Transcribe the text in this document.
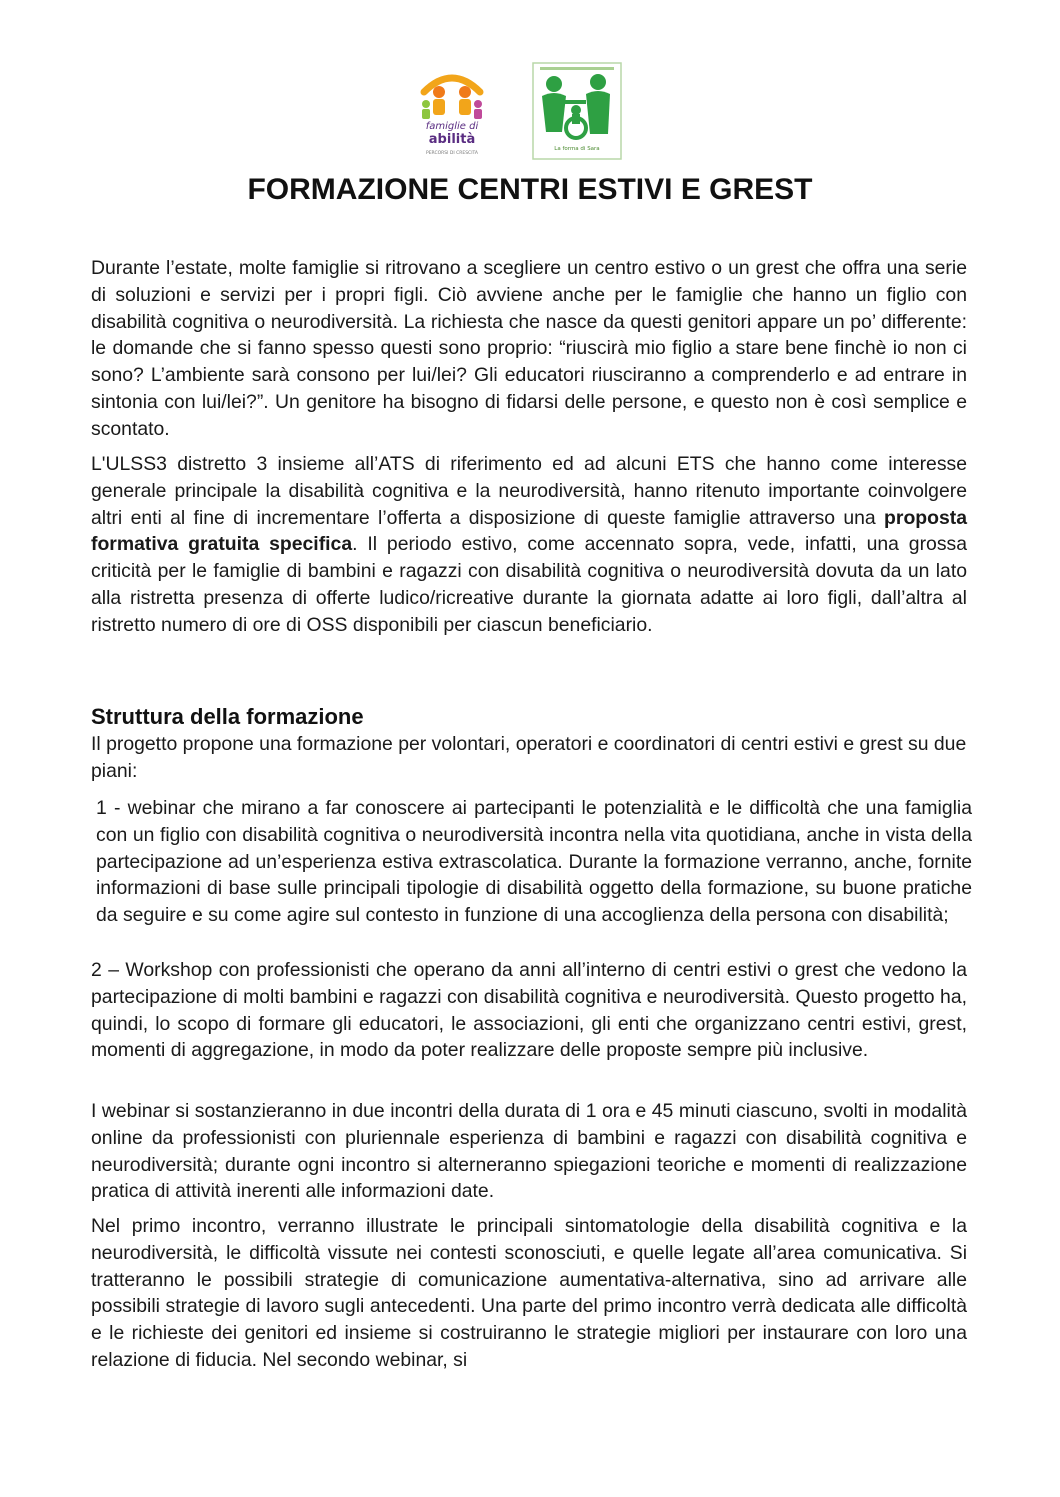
famiglie di
abilità
PERCORSI DI CRESCITA
La forma di Sara
FORMAZIONE CENTRI ESTIVI E GREST

Durante l’estate, molte famiglie si ritrovano a scegliere un centro estivo o un grest che offra una serie di soluzioni e servizi per i propri figli. Ciò avviene anche per le famiglie che hanno un figlio con disabilità cognitiva o neurodiversità. La richiesta che nasce da questi genitori appare un po’ differente: le domande che si fanno spesso questi sono proprio: “riuscirà mio figlio a stare bene finchè io non ci sono? L’ambiente sarà consono per lui/lei? Gli educatori riusciranno a comprenderlo e ad entrare in sintonia con lui/lei?”. Un genitore ha bisogno di fidarsi delle persone, e questo non è così semplice e scontato.

L'ULSS3 distretto 3 insieme all’ATS di riferimento ed ad alcuni ETS che hanno come interesse generale principale la disabilità cognitiva e la neurodiversità, hanno ritenuto importante coinvolgere altri enti al fine di incrementare l’offerta a disposizione di queste famiglie attraverso una proposta formativa gratuita specifica. Il periodo estivo, come accennato sopra, vede, infatti, una grossa criticità per le famiglie di bambini e ragazzi con disabilità cognitiva o neurodiversità dovuta da un lato alla ristretta presenza di offerte ludico/ricreative durante la giornata adatte ai loro figli, dall’altra al ristretto numero di ore di OSS disponibili per ciascun beneficiario.

Struttura della formazione

Il progetto propone una formazione per volontari, operatori e coordinatori di centri estivi e grest su due piani:

1 - webinar che mirano a far conoscere ai partecipanti le potenzialità e le difficoltà che una famiglia con un figlio con disabilità cognitiva o neurodiversità incontra nella vita quotidiana, anche in vista della partecipazione ad un’esperienza estiva extrascolatica. Durante la formazione verranno, anche, fornite informazioni di base sulle principali tipologie di disabilità oggetto della formazione, su buone pratiche da seguire e su come agire sul contesto in funzione di una accoglienza della persona con disabilità;

2 – Workshop con professionisti che operano da anni all’interno di centri estivi o grest che vedono la partecipazione di molti bambini e ragazzi con disabilità cognitiva e neurodiversità. Questo progetto ha, quindi, lo scopo di formare gli educatori, le associazioni, gli enti che organizzano centri estivi, grest, momenti di aggregazione, in modo da poter realizzare delle proposte sempre più inclusive.

I webinar si sostanzieranno in due incontri della durata di 1 ora e 45 minuti ciascuno, svolti in modalità online da professionisti con pluriennale esperienza di bambini e ragazzi con disabilità cognitiva e neurodiversità; durante ogni incontro si alterneranno spiegazioni teoriche e momenti di realizzazione pratica di attività inerenti alle informazioni date.

Nel primo incontro, verranno illustrate le principali sintomatologie della disabilità cognitiva e la neurodiversità, le difficoltà vissute nei contesti sconosciuti, e quelle legate all’area comunicativa. Si tratteranno le possibili strategie di comunicazione aumentativa-alternativa, sino ad arrivare alle possibili strategie di lavoro sugli antecedenti. Una parte del primo incontro verrà dedicata alle difficoltà e le richieste dei genitori ed insieme si costruiranno le strategie migliori per instaurare con loro una relazione di fiducia. Nel secondo webinar, si
